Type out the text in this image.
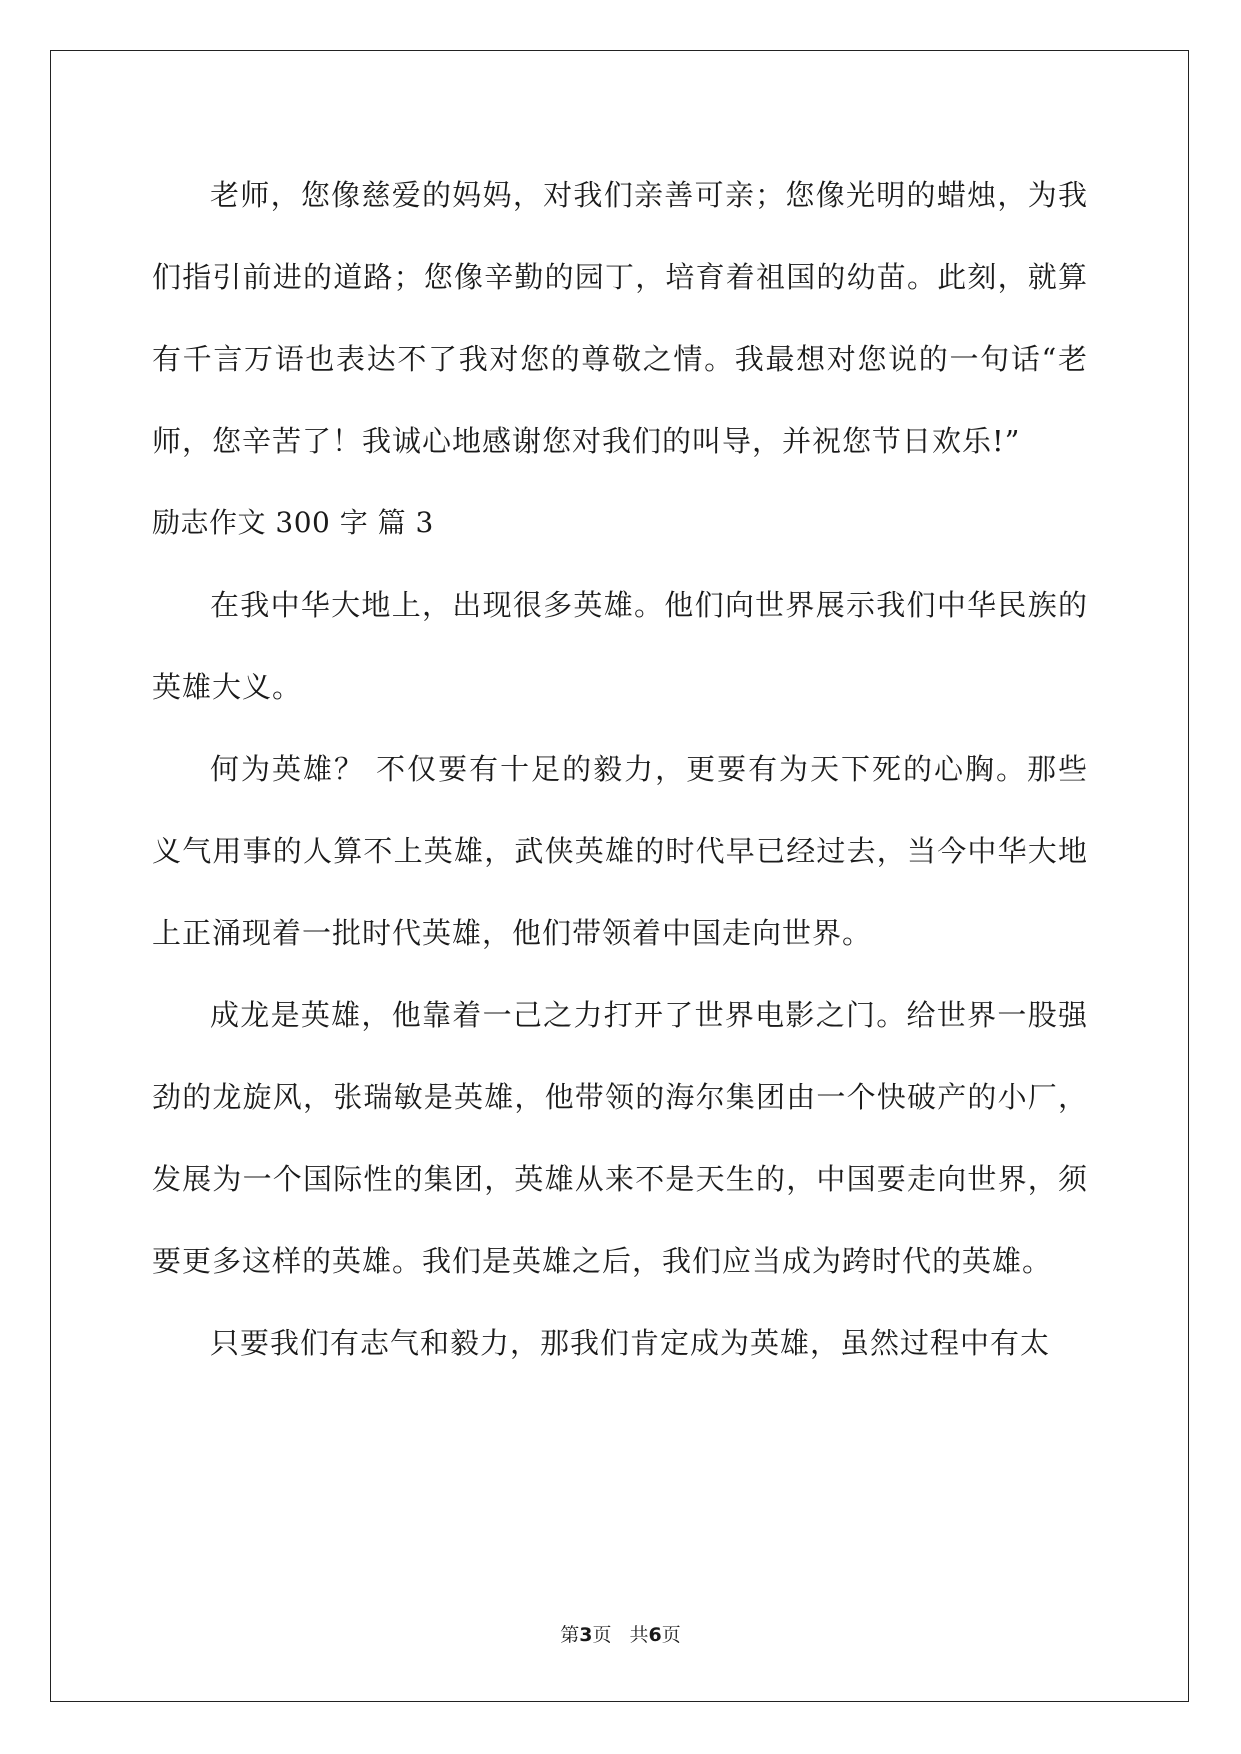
老师，您像慈爱的妈妈，对我们亲善可亲；您像光明的蜡烛，为我们指引前进的道路；您像辛勤的园丁，培育着祖国的幼苗。此刻，就算有千言万语也表达不了我对您的尊敬之情。我最想对您说的一句话“老师，您辛苦了！我诚心地感谢您对我们的叫导，并祝您节日欢乐!”

励志作文 300 字 篇 3

在我中华大地上，出现很多英雄。他们向世界展示我们中华民族的英雄大义。

何为英雄？ 不仅要有十足的毅力，更要有为天下死的心胸。那些义气用事的人算不上英雄，武侠英雄的时代早已经过去，当今中华大地上正涌现着一批时代英雄，他们带领着中国走向世界。

成龙是英雄，他靠着一己之力打开了世界电影之门。给世界一股强劲的龙旋风，张瑞敏是英雄，他带领的海尔集团由一个快破产的小厂，发展为一个国际性的集团，英雄从来不是天生的，中国要走向世界，须要更多这样的英雄。我们是英雄之后，我们应当成为跨时代的英雄。

只要我们有志气和毅力，那我们肯定成为英雄，虽然过程中有太

第3页 共6页
